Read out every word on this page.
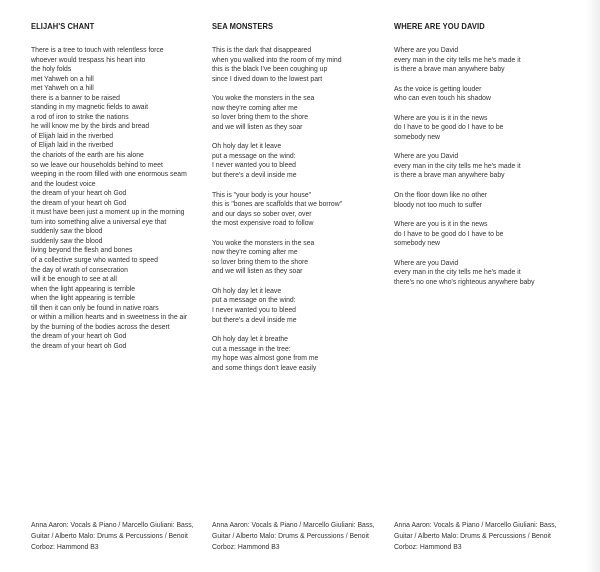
ELIJAH'S CHANT
There is a tree to touch with relentless force
whoever would trespass his heart into
the holy folds
met Yahweh on a hill
met Yahweh on a hill
there is a banner to be raised
standing in my magnetic fields to await
a rod of iron to strike the nations
he will know me by the birds and bread
of Elijah laid in the riverbed
of Elijah laid in the riverbed
the chariots of the earth are his alone
so we leave our households behind to meet
weeping in the room filled with one enormous seam
and the loudest voice
the dream of your heart oh God
the dream of your heart oh God
it must have been just a moment up in the morning
turn into something alive a universal eye that
suddenly saw the blood
suddenly saw the blood
living beyond the flesh and bones
of a collective surge who wanted to speed
the day of wrath of consecration
will it be enough to see at all
when the light appearing is terrible
when the light appearing is terrible
till then it can only be found in native roars
or within a million hearts and in sweetness in the air
by the burning of the bodies across the desert
the dream of your heart oh God
the dream of your heart oh God
SEA MONSTERS
This is the dark that disappeared
when you walked into the room of my mind
this is the black I've been coughing up
since I dived down to the lowest part
You woke the monsters in the sea
now they're coming after me
so lover bring them to the shore
and we will listen as they soar
Oh holy day let it leave
put a message on the wind:
I never wanted you to bleed
but there's a devil inside me
This is "your body is your house"
this is "bones are scaffolds that we borrow"
and our days so sober over, over
the most expensive road to follow
You woke the monsters in the sea
now they're coming after me
so lover bring them to the shore
and we will listen as they soar
Oh holy day let it leave
put a message on the wind:
I never wanted you to bleed
but there's a devil inside me
Oh holy day let it breathe
cut a message in the tree:
my hope was almost gone from me
and some things don't leave easily
WHERE ARE YOU DAVID
Where are you David
every man in the city tells me he's made it
is there a brave man anywhere baby
As the voice is getting louder
who can even touch his shadow
Where are you is it in the news
do I have to be good do I have to be
somebody new
Where are you David
every man in the city tells me he's made it
is there a brave man anywhere baby
On the floor down like no other
bloody not too much to suffer
Where are you is it in the news
do I have to be good do I have to be
somebody new
Where are you David
every man in the city tells me he's made it
there's no one who's righteous anywhere baby
Anna Aaron: Vocals & Piano / Marcello Giuliani: Bass,
Guitar / Alberto Malo: Drums & Percussions / Benoit
Corboz: Hammond B3
Anna Aaron: Vocals & Piano / Marcello Giuliani: Bass,
Guitar / Alberto Malo: Drums & Percussions / Benoit
Corboz: Hammond B3
Anna Aaron: Vocals & Piano / Marcello Giuliani: Bass,
Guitar / Alberto Malo: Drums & Percussions / Benoit
Corboz: Hammond B3
